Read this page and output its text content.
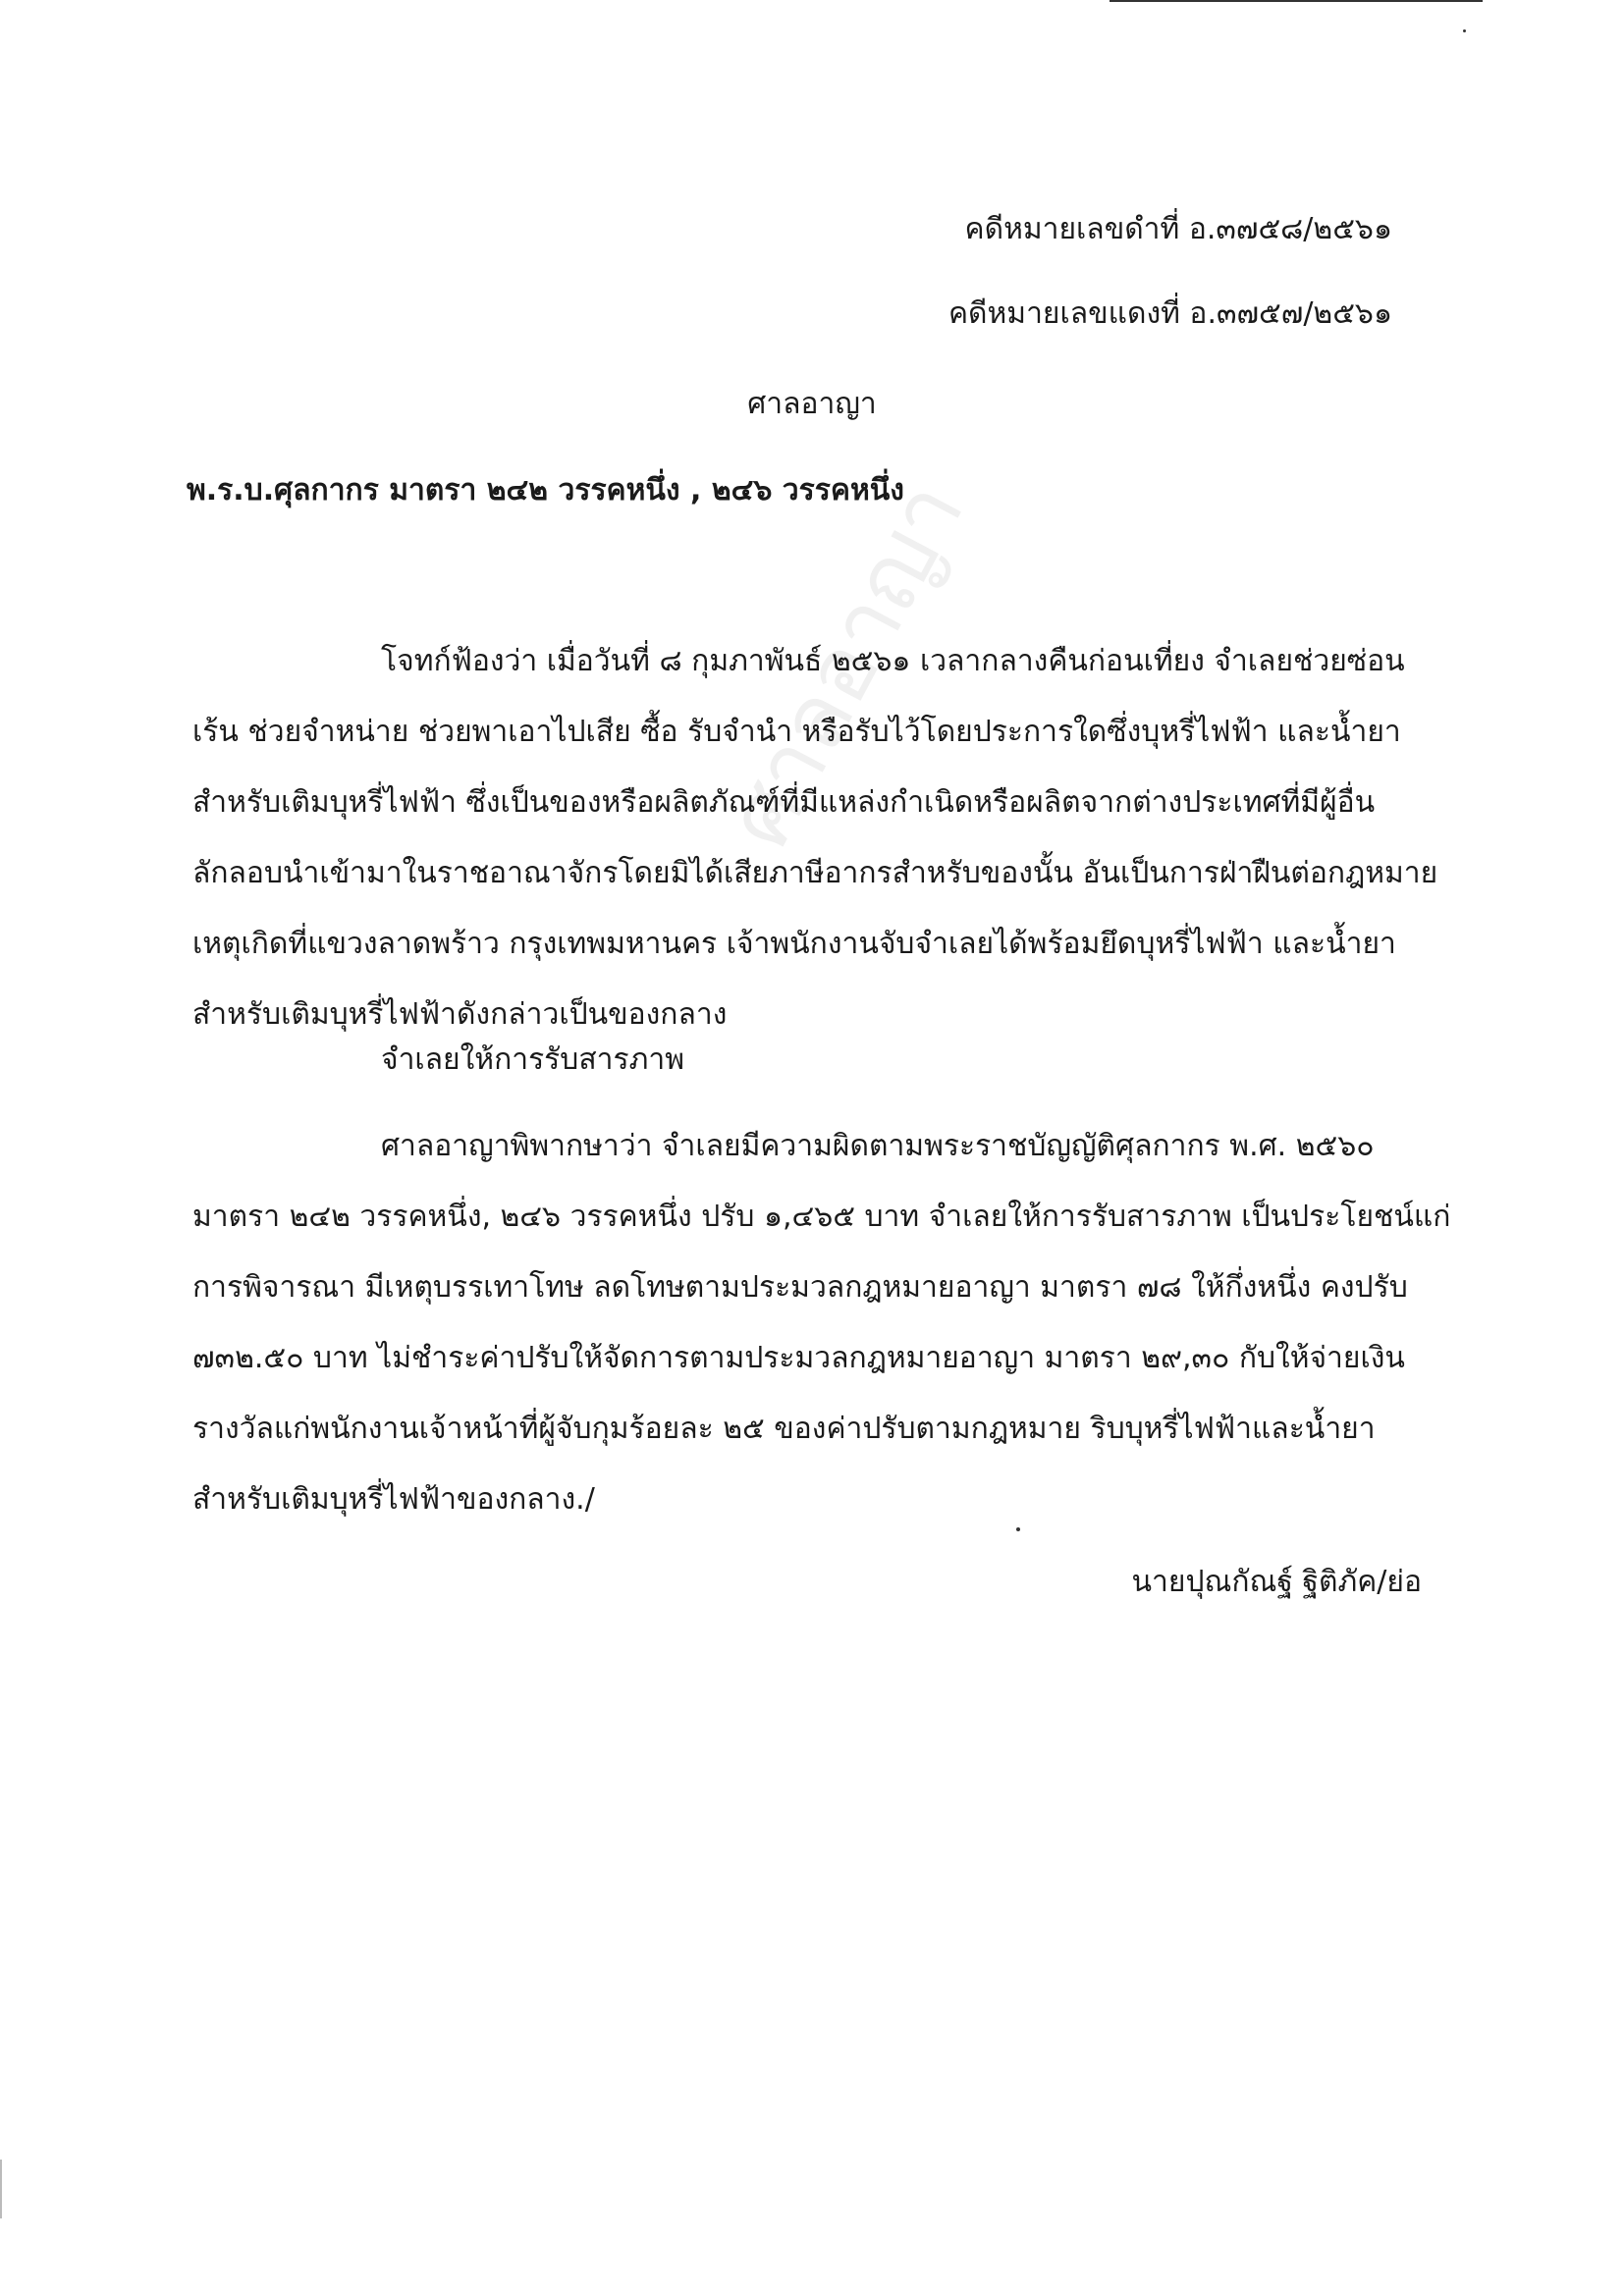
ศาลอาญา
คดีหมายเลขดำที่ อ.๓๗๕๘/๒๕๖๑
คดีหมายเลขแดงที่ อ.๓๗๕๗/๒๕๖๑
ศาลอาญา
พ.ร.บ.ศุลกากร มาตรา ๒๔๒ วรรคหนึ่ง , ๒๔๖ วรรคหนึ่ง
โจทก์ฟ้องว่า เมื่อวันที่ ๘ กุมภาพันธ์ ๒๕๖๑ เวลากลางคืนก่อนเที่ยง จำเลยช่วยซ่อน
เร้น ช่วยจำหน่าย ช่วยพาเอาไปเสีย ซื้อ รับจำนำ หรือรับไว้โดยประการใดซึ่งบุหรี่ไฟฟ้า และน้ำยา
สำหรับเติมบุหรี่ไฟฟ้า ซึ่งเป็นของหรือผลิตภัณฑ์ที่มีแหล่งกำเนิดหรือผลิตจากต่างประเทศที่มีผู้อื่น
ลักลอบนำเข้ามาในราชอาณาจักรโดยมิได้เสียภาษีอากรสำหรับของนั้น อันเป็นการฝ่าฝืนต่อกฎหมาย
เหตุเกิดที่แขวงลาดพร้าว กรุงเทพมหานคร เจ้าพนักงานจับจำเลยได้พร้อมยึดบุหรี่ไฟฟ้า และน้ำยา
สำหรับเติมบุหรี่ไฟฟ้าดังกล่าวเป็นของกลาง
จำเลยให้การรับสารภาพ
ศาลอาญาพิพากษาว่า จำเลยมีความผิดตามพระราชบัญญัติศุลกากร พ.ศ. ๒๕๖๐
มาตรา ๒๔๒ วรรคหนึ่ง, ๒๔๖ วรรคหนึ่ง ปรับ ๑,๔๖๕ บาท จำเลยให้การรับสารภาพ เป็นประโยชน์แก่
การพิจารณา มีเหตุบรรเทาโทษ ลดโทษตามประมวลกฎหมายอาญา มาตรา ๗๘ ให้กึ่งหนึ่ง คงปรับ
๗๓๒.๕๐ บาท ไม่ชำระค่าปรับให้จัดการตามประมวลกฎหมายอาญา มาตรา ๒๙,๓๐ กับให้จ่ายเงิน
รางวัลแก่พนักงานเจ้าหน้าที่ผู้จับกุมร้อยละ ๒๕ ของค่าปรับตามกฎหมาย ริบบุหรี่ไฟฟ้าและน้ำยา
สำหรับเติมบุหรี่ไฟฟ้าของกลาง./
นายปุณกัณฐ์ ฐิติภัค/ย่อ
